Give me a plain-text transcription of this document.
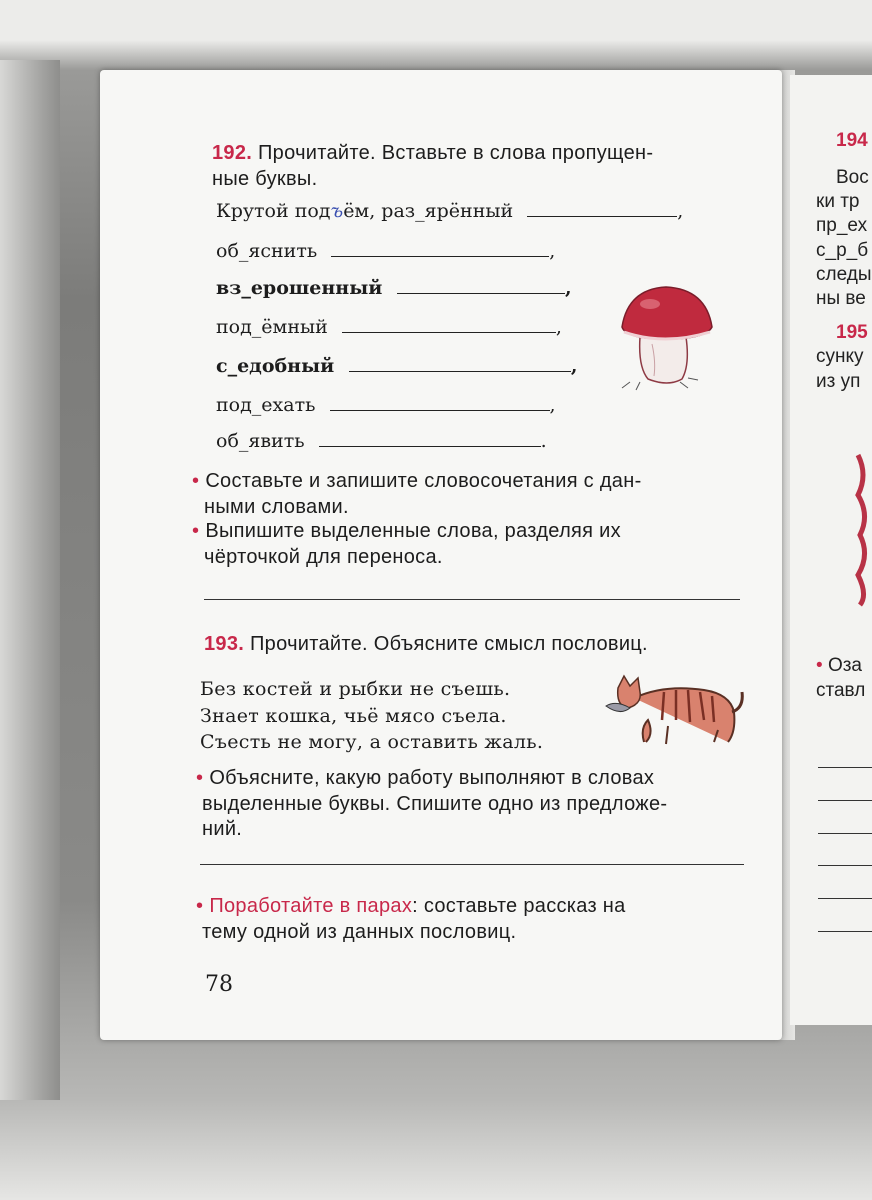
194
Вос
ки тр
пр_ех
с_р_б
следы
ны ве
195
сунку
из уп
• Оза
ставл
192. Прочитайте. Вставьте в слова пропущен-
ные буквы.
Крутой подъём, раз_ярённый	,
об_яснить	,
вз_ерошенный	,
под_ёмный	,
с_едобный	,
под_ехать	,
об_явить	.
• Составьте и запишите словосочетания с дан-
ными словами.
• Выпишите выделенные слова, разделяя их
чёрточкой для переноса.
193. Прочитайте. Объясните смысл пословиц.
Без костей и рыбки не съешь.
Знает кошка, чьё мясо съела.
Съесть не могу, а оставить жаль.
• Объясните, какую работу выполняют в словах
выделенные буквы. Спишите одно из предложе-
ний.
• Поработайте в парах: составьте рассказ на
тему одной из данных пословиц.
78
